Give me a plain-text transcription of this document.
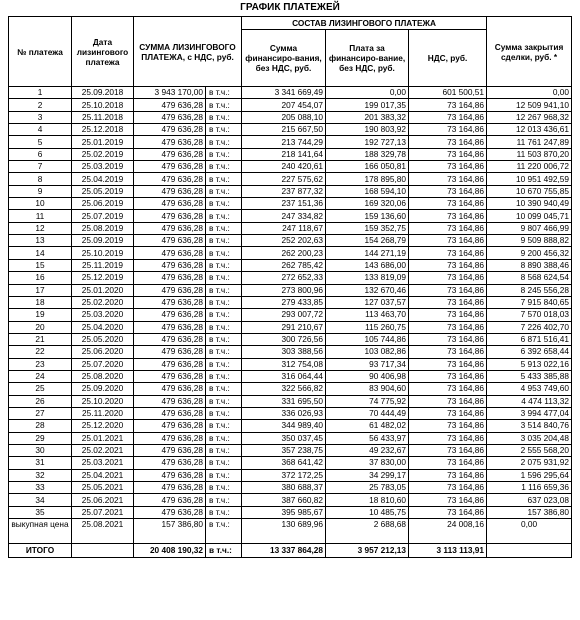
ГРАФИК ПЛАТЕЖЕЙ
№ платежа	Дата лизингового платежа	СУММА ЛИЗИНГОВОГО ПЛАТЕЖА, с НДС, руб.		СОСТАВ ЛИЗИНГОВОГО ПЛАТЕЖА			Сумма закрытия сделки, руб. *
				Сумма финансиро-вания, без НДС, руб.	Плата за финансиро-вание, без НДС, руб.	НДС, руб.	
1	25.09.2018	3 943 170,00	в т.ч.:	3 341 669,49	0,00	601 500,51	0,00
2	25.10.2018	479 636,28	в т.ч.:	207 454,07	199 017,35	73 164,86	12 509 941,10
3	25.11.2018	479 636,28	в т.ч.:	205 088,10	201 383,32	73 164,86	12 267 968,32
4	25.12.2018	479 636,28	в т.ч.:	215 667,50	190 803,92	73 164,86	12 013 436,61
5	25.01.2019	479 636,28	в т.ч.:	213 744,29	192 727,13	73 164,86	11 761 247,89
6	25.02.2019	479 636,28	в т.ч.:	218 141,64	188 329,78	73 164,86	11 503 870,20
7	25.03.2019	479 636,28	в т.ч.:	240 420,61	166 050,81	73 164,86	11 220 006,72
8	25.04.2019	479 636,28	в т.ч.:	227 575,62	178 895,80	73 164,86	10 951 492,59
9	25.05.2019	479 636,28	в т.ч.:	237 877,32	168 594,10	73 164,86	10 670 755,85
10	25.06.2019	479 636,28	в т.ч.:	237 151,36	169 320,06	73 164,86	10 390 940,49
11	25.07.2019	479 636,28	в т.ч.:	247 334,82	159 136,60	73 164,86	10 099 045,71
12	25.08.2019	479 636,28	в т.ч.:	247 118,67	159 352,75	73 164,86	9 807 466,99
13	25.09.2019	479 636,28	в т.ч.:	252 202,63	154 268,79	73 164,86	9 509 888,82
14	25.10.2019	479 636,28	в т.ч.:	262 200,23	144 271,19	73 164,86	9 200 456,32
15	25.11.2019	479 636,28	в т.ч.:	262 785,42	143 686,00	73 164,86	8 890 388,46
16	25.12.2019	479 636,28	в т.ч.:	272 652,33	133 819,09	73 164,86	8 568 624,54
17	25.01.2020	479 636,28	в т.ч.:	273 800,96	132 670,46	73 164,86	8 245 556,28
18	25.02.2020	479 636,28	в т.ч.:	279 433,85	127 037,57	73 164,86	7 915 840,65
19	25.03.2020	479 636,28	в т.ч.:	293 007,72	113 463,70	73 164,86	7 570 018,03
20	25.04.2020	479 636,28	в т.ч.:	291 210,67	115 260,75	73 164,86	7 226 402,70
21	25.05.2020	479 636,28	в т.ч.:	300 726,56	105 744,86	73 164,86	6 871 516,41
22	25.06.2020	479 636,28	в т.ч.:	303 388,56	103 082,86	73 164,86	6 392 658,44
23	25.07.2020	479 636,28	в т.ч.:	312 754,08	93 717,34	73 164,86	5 913 022,16
24	25.08.2020	479 636,28	в т.ч.:	316 064,44	90 406,98	73 164,86	5 433 385,88
25	25.09.2020	479 636,28	в т.ч.:	322 566,82	83 904,60	73 164,86	4 953 749,60
26	25.10.2020	479 636,28	в т.ч.:	331 695,50	74 775,92	73 164,86	4 474 113,32
27	25.11.2020	479 636,28	в т.ч.:	336 026,93	70 444,49	73 164,86	3 994 477,04
28	25.12.2020	479 636,28	в т.ч.:	344 989,40	61 482,02	73 164,86	3 514 840,76
29	25.01.2021	479 636,28	в т.ч.:	350 037,45	56 433,97	73 164,86	3 035 204,48
30	25.02.2021	479 636,28	в т.ч.:	357 238,75	49 232,67	73 164,86	2 555 568,20
31	25.03.2021	479 636,28	в т.ч.:	368 641,42	37 830,00	73 164,86	2 075 931,92
32	25.04.2021	479 636,28	в т.ч.:	372 172,25	34 299,17	73 164,86	1 596 295,64
33	25.05.2021	479 636,28	в т.ч.:	380 688,37	25 783,05	73 164,86	1 116 659,36
34	25.06.2021	479 636,28	в т.ч.:	387 660,82	18 810,60	73 164,86	637 023,08
35	25.07.2021	479 636,28	в т.ч.:	395 985,67	10 485,75	73 164,86	157 386,80
выкупная цена	25.08.2021	157 386,80	в т.ч.:	130 689,96	2 688,68	24 008,16	0,00
ИТОГО		20 408 190,32	в т.ч.:	13 337 864,28	3 957 212,13	3 113 113,91	
